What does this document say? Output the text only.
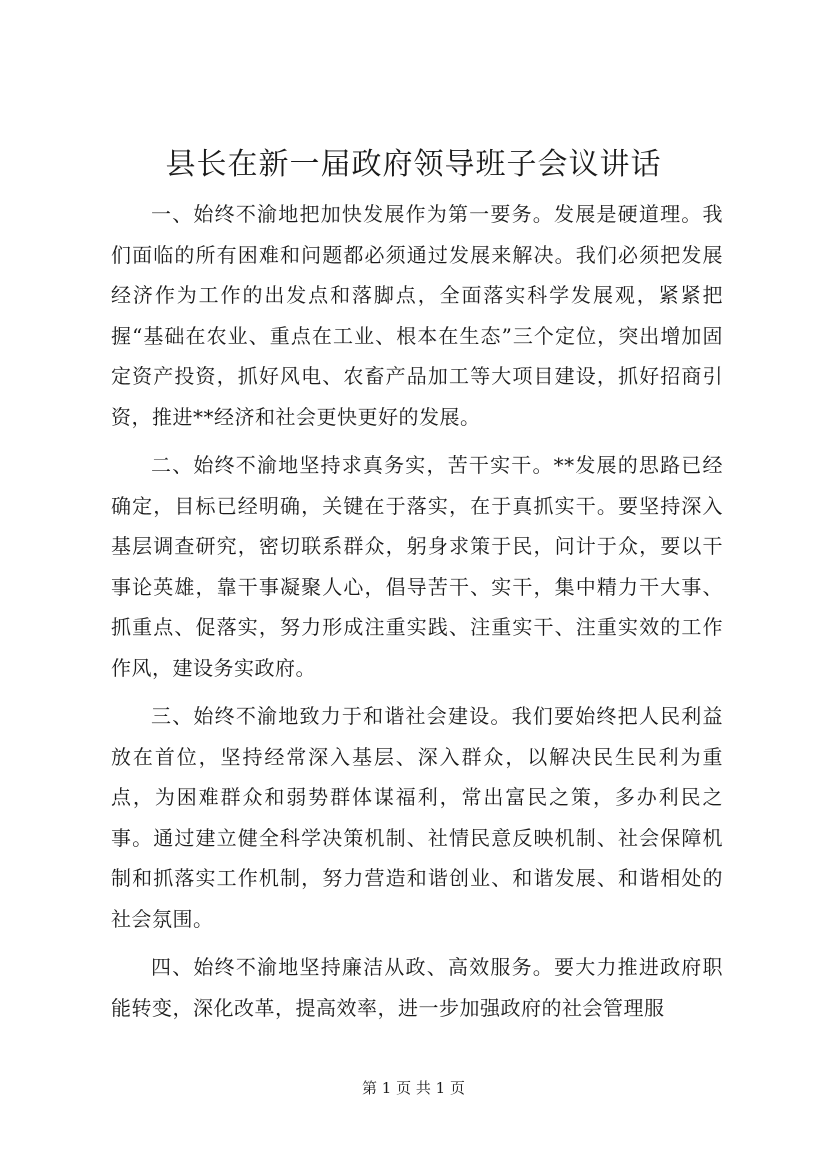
县长在新一届政府领导班子会议讲话

一、始终不渝地把加快发展作为第一要务。发展是硬道理。我们面临的所有困难和问题都必须通过发展来解决。我们必须把发展经济作为工作的出发点和落脚点，全面落实科学发展观，紧紧把握“基础在农业、重点在工业、根本在生态”三个定位，突出增加固定资产投资，抓好风电、农畜产品加工等大项目建设，抓好招商引资，推进**经济和社会更快更好的发展。

二、始终不渝地坚持求真务实，苦干实干。**发展的思路已经确定，目标已经明确，关键在于落实，在于真抓实干。要坚持深入基层调查研究，密切联系群众，躬身求策于民，问计于众，要以干事论英雄，靠干事凝聚人心，倡导苦干、实干，集中精力干大事、抓重点、促落实，努力形成注重实践、注重实干、注重实效的工作作风，建设务实政府。

三、始终不渝地致力于和谐社会建设。我们要始终把人民利益放在首位，坚持经常深入基层、深入群众，以解决民生民利为重点，为困难群众和弱势群体谋福利，常出富民之策，多办利民之事。通过建立健全科学决策机制、社情民意反映机制、社会保障机制和抓落实工作机制，努力营造和谐创业、和谐发展、和谐相处的社会氛围。

四、始终不渝地坚持廉洁从政、高效服务。要大力推进政府职能转变，深化改革，提高效率，进一步加强政府的社会管理服

第 1 页 共 1 页
